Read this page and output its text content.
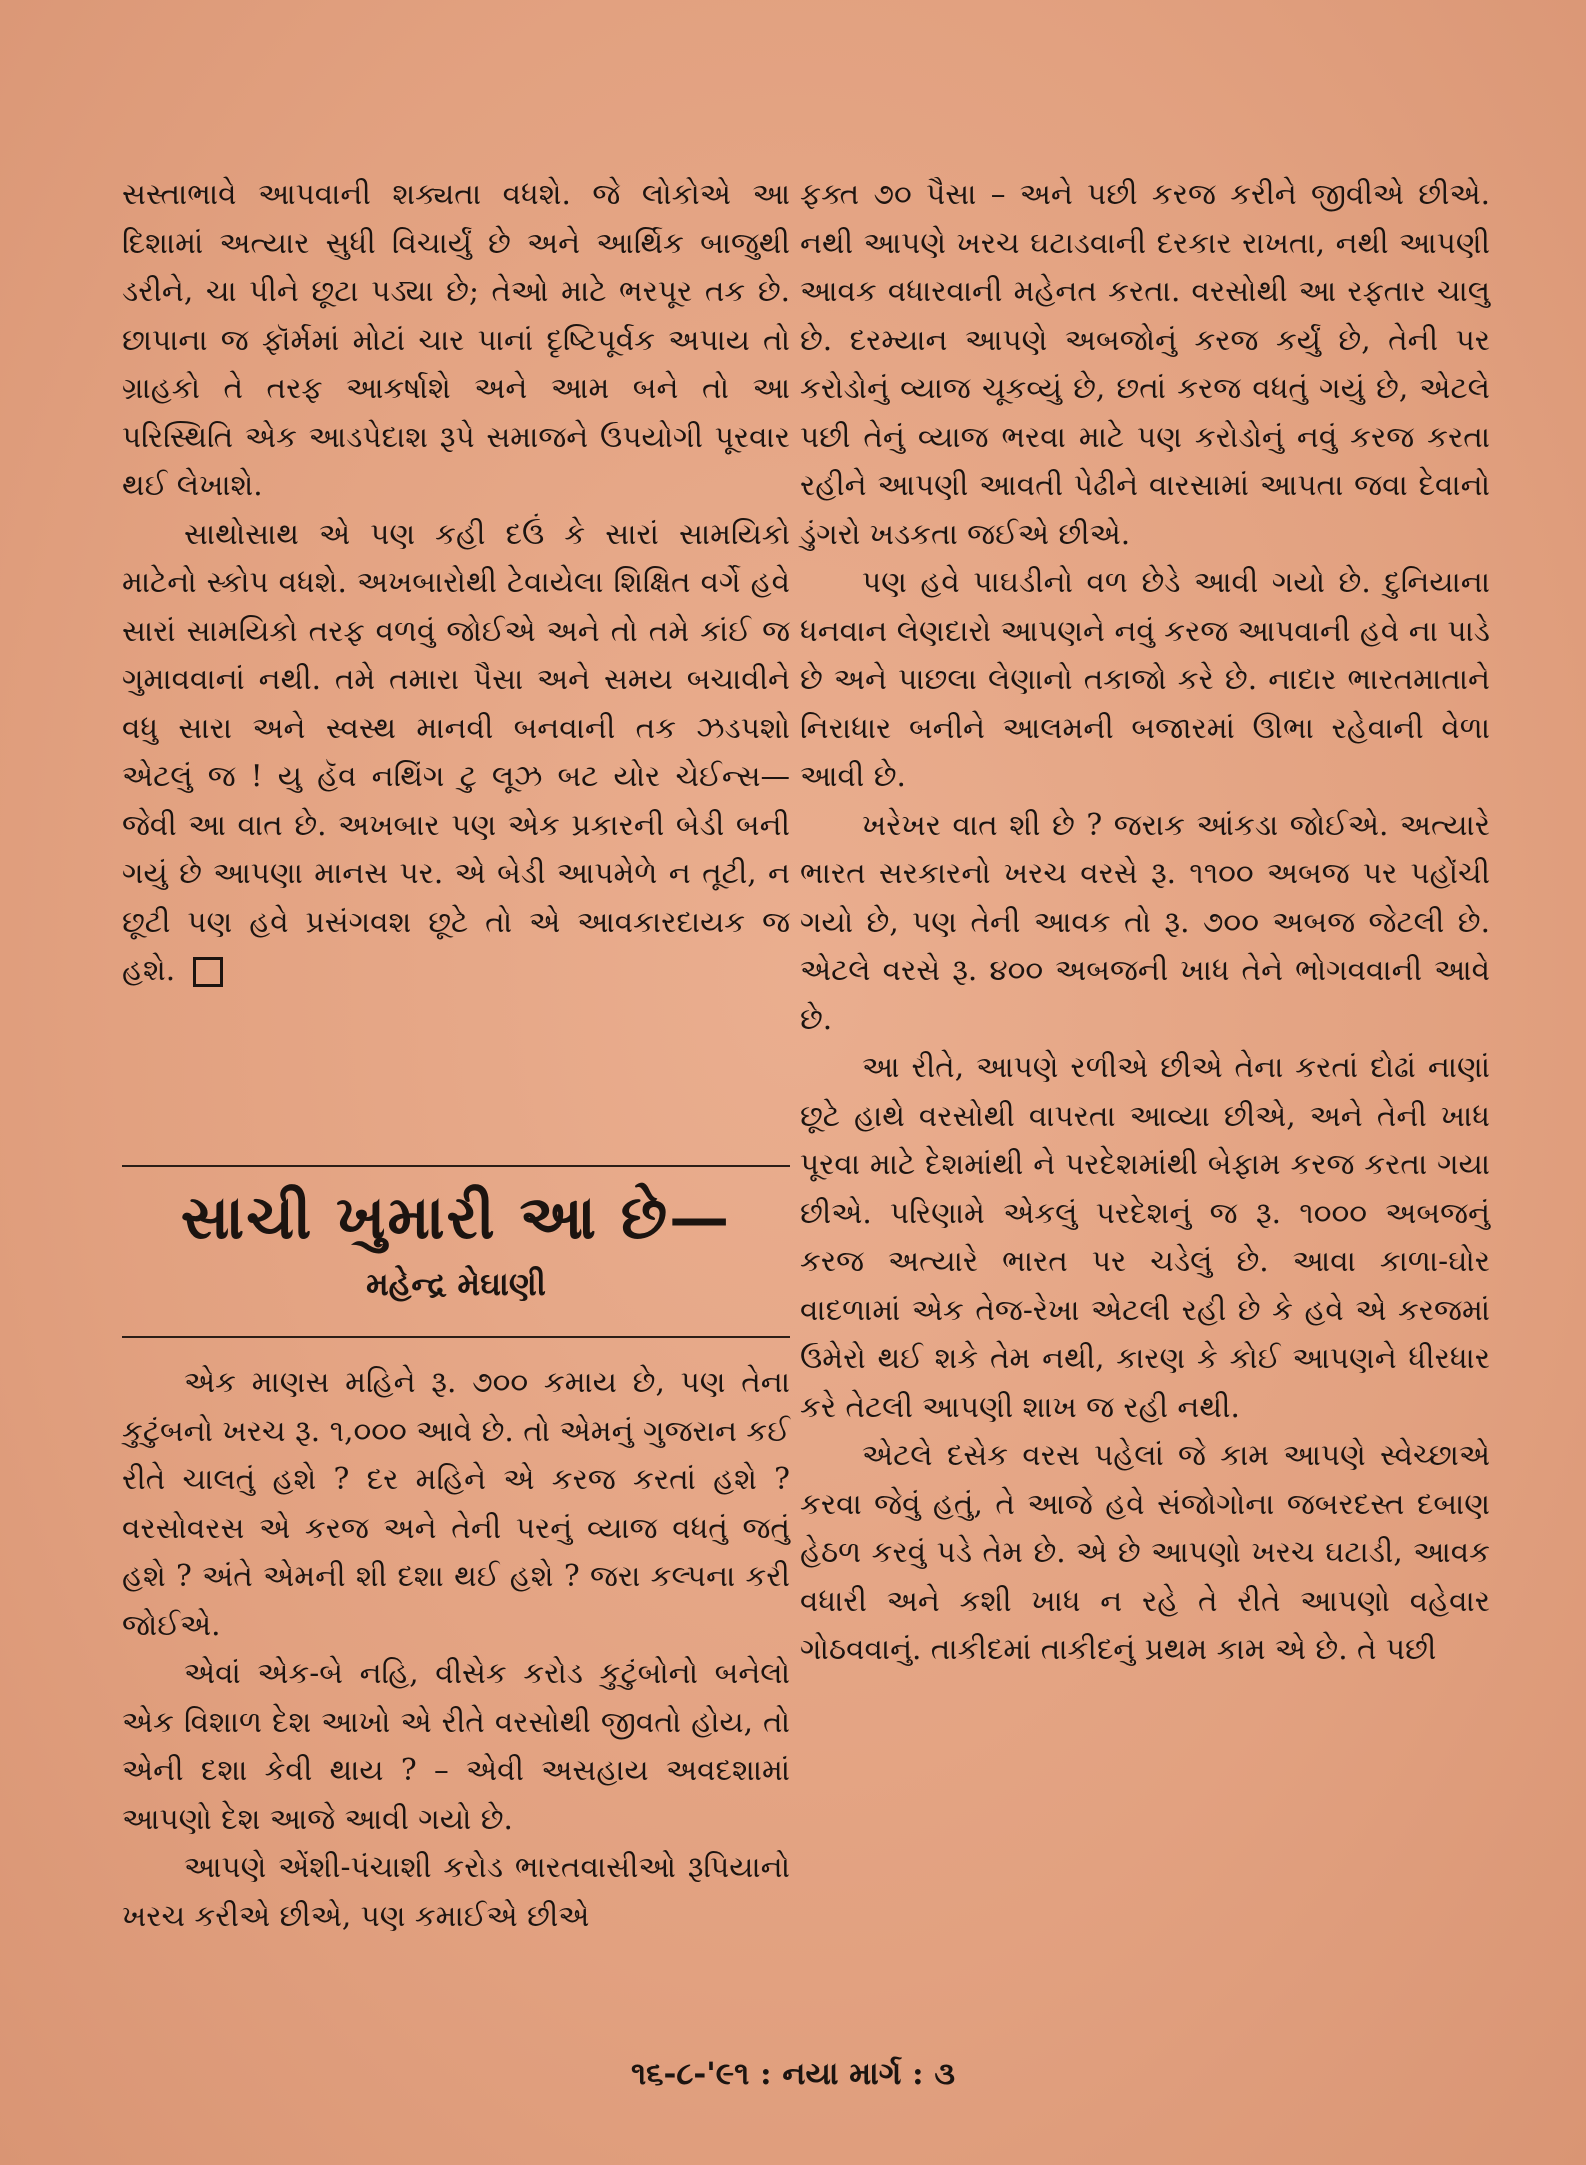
સસ્તાભાવે આપવાની શક્યતા વધશે. જે લોકોએ આ દિશામાં અત્યાર સુધી વિચાર્યું છે અને આર્થિક બાજુથી ડરીને, ચા પીને છૂટા પડ્યા છે; તેઓ માટે ભરપૂર તક છે. છાપાના જ ફૉર્મમાં મોટાં ચાર પાનાં દૃષ્ટિપૂર્વક અપાય તો ગ્રાહકો તે તરફ આકર્ષાશે અને આમ બને તો આ પરિસ્થિતિ એક આડપેદાશ રૂપે સમાજને ઉપયોગી પૂરવાર થઈ લેખાશે.

સાથોસાથ એ પણ કહી દઉં કે સારાં સામયિકો માટેનો સ્કોપ વધશે. અખબારોથી ટેવાયેલા શિક્ષિત વર્ગે હવે સારાં સામયિકો તરફ વળવું જોઈએ અને તો તમે કાંઈ જ ગુમાવવાનાં નથી. તમે તમારા પૈસા અને સમય બચાવીને વધુ સારા અને સ્વસ્થ માનવી બનવાની તક ઝડપશો એટલું જ ! યુ હૅવ નથિંગ ટુ લૂઝ બટ યોર ચેઈન્સ— જેવી આ વાત છે. અખબાર પણ એક પ્રકારની બેડી બની ગયું છે આપણા માનસ પર. એ બેડી આપમેળે ન તૂટી, ન છૂટી પણ હવે પ્રસંગવશ છૂટે તો એ આવકારદાયક જ હશે.

સાચી ખુમારી આ છે—
મહેન્દ્ર મેઘાણી

એક માણસ મહિને રૂ. ૭૦૦ કમાય છે, પણ તેના કુટુંબનો ખરચ રૂ. ૧,૦૦૦ આવે છે. તો એમનું ગુજરાન કઈ રીતે ચાલતું હશે ? દર મહિને એ કરજ કરતાં હશે ? વરસોવરસ એ કરજ અને તેની પરનું વ્યાજ વધતું જતું હશે ? અંતે એમની શી દશા થઈ હશે ? જરા કલ્પના કરી જોઈએ.

એવાં એક-બે નહિ, વીસેક કરોડ કુટુંબોનો બનેલો એક વિશાળ દેશ આખો એ રીતે વરસોથી જીવતો હોય, તો એની દશા કેવી થાય ? – એવી અસહાય અવદશામાં આપણો દેશ આજે આવી ગયો છે.

આપણે એંશી-પંચાશી કરોડ ભારતવાસીઓ રૂપિયાનો ખરચ કરીએ છીએ, પણ કમાઈએ છીએ

ફક્ત ૭૦ પૈસા – અને પછી કરજ કરીને જીવીએ છીએ. નથી આપણે ખરચ ઘટાડવાની દરકાર રાખતા, નથી આપણી આવક વધારવાની મહેનત કરતા. વરસોથી આ રફતાર ચાલુ છે. દરમ્યાન આપણે અબજોનું કરજ કર્યું છે, તેની પર કરોડોનું વ્યાજ ચૂકવ્યું છે, છતાં કરજ વધતું ગયું છે, એટલે પછી તેનું વ્યાજ ભરવા માટે પણ કરોડોનું નવું કરજ કરતા રહીને આપણી આવતી પેઢીને વારસામાં આપતા જવા દેવાનો ડુંગરો ખડકતા જઈએ છીએ.

પણ હવે પાઘડીનો વળ છેડે આવી ગયો છે. દુનિયાના ધનવાન લેણદારો આપણને નવું કરજ આપવાની હવે ના પાડે છે અને પાછલા લેણાનો તકાજો કરે છે. નાદાર ભારતમાતાને નિરાધાર બનીને આલમની બજારમાં ઊભા રહેવાની વેળા આવી છે.

ખરેખર વાત શી છે ? જરાક આંકડા જોઈએ. અત્યારે ભારત સરકારનો ખરચ વરસે રૂ. ૧૧૦૦ અબજ પર પહોંચી ગયો છે, પણ તેની આવક તો રૂ. ૭૦૦ અબજ જેટલી છે. એટલે વરસે રૂ. ૪૦૦ અબજની ખાધ તેને ભોગવવાની આવે છે.

આ રીતે, આપણે રળીએ છીએ તેના કરતાં દોઢાં નાણાં છૂટે હાથે વરસોથી વાપરતા આવ્યા છીએ, અને તેની ખાધ પૂરવા માટે દેશમાંથી ને પરદેશમાંથી બેફામ કરજ કરતા ગયા છીએ. પરિણામે એકલું પરદેશનું જ રૂ. ૧૦૦૦ અબજનું કરજ અત્યારે ભારત પર ચડેલું છે. આવા કાળા-ઘોર વાદળામાં એક તેજ-રેખા એટલી રહી છે કે હવે એ કરજમાં ઉમેરો થઈ શકે તેમ નથી, કારણ કે કોઈ આપણને ધીરધાર કરે તેટલી આપણી શાખ જ રહી નથી.

એટલે દસેક વરસ પહેલાં જે કામ આપણે સ્વેચ્છાએ કરવા જેવું હતું, તે આજે હવે સંજોગોના જબરદસ્ત દબાણ હેઠળ કરવું પડે તેમ છે. એ છે આપણો ખરચ ઘટાડી, આવક વધારી અને કશી ખાધ ન રહે તે રીતે આપણો વહેવાર ગોઠવવાનું. તાકીદમાં તાકીદનું પ્રથમ કામ એ છે. તે પછી

૧૬-૮-'૯૧ : નયા માર્ગ : ૩
